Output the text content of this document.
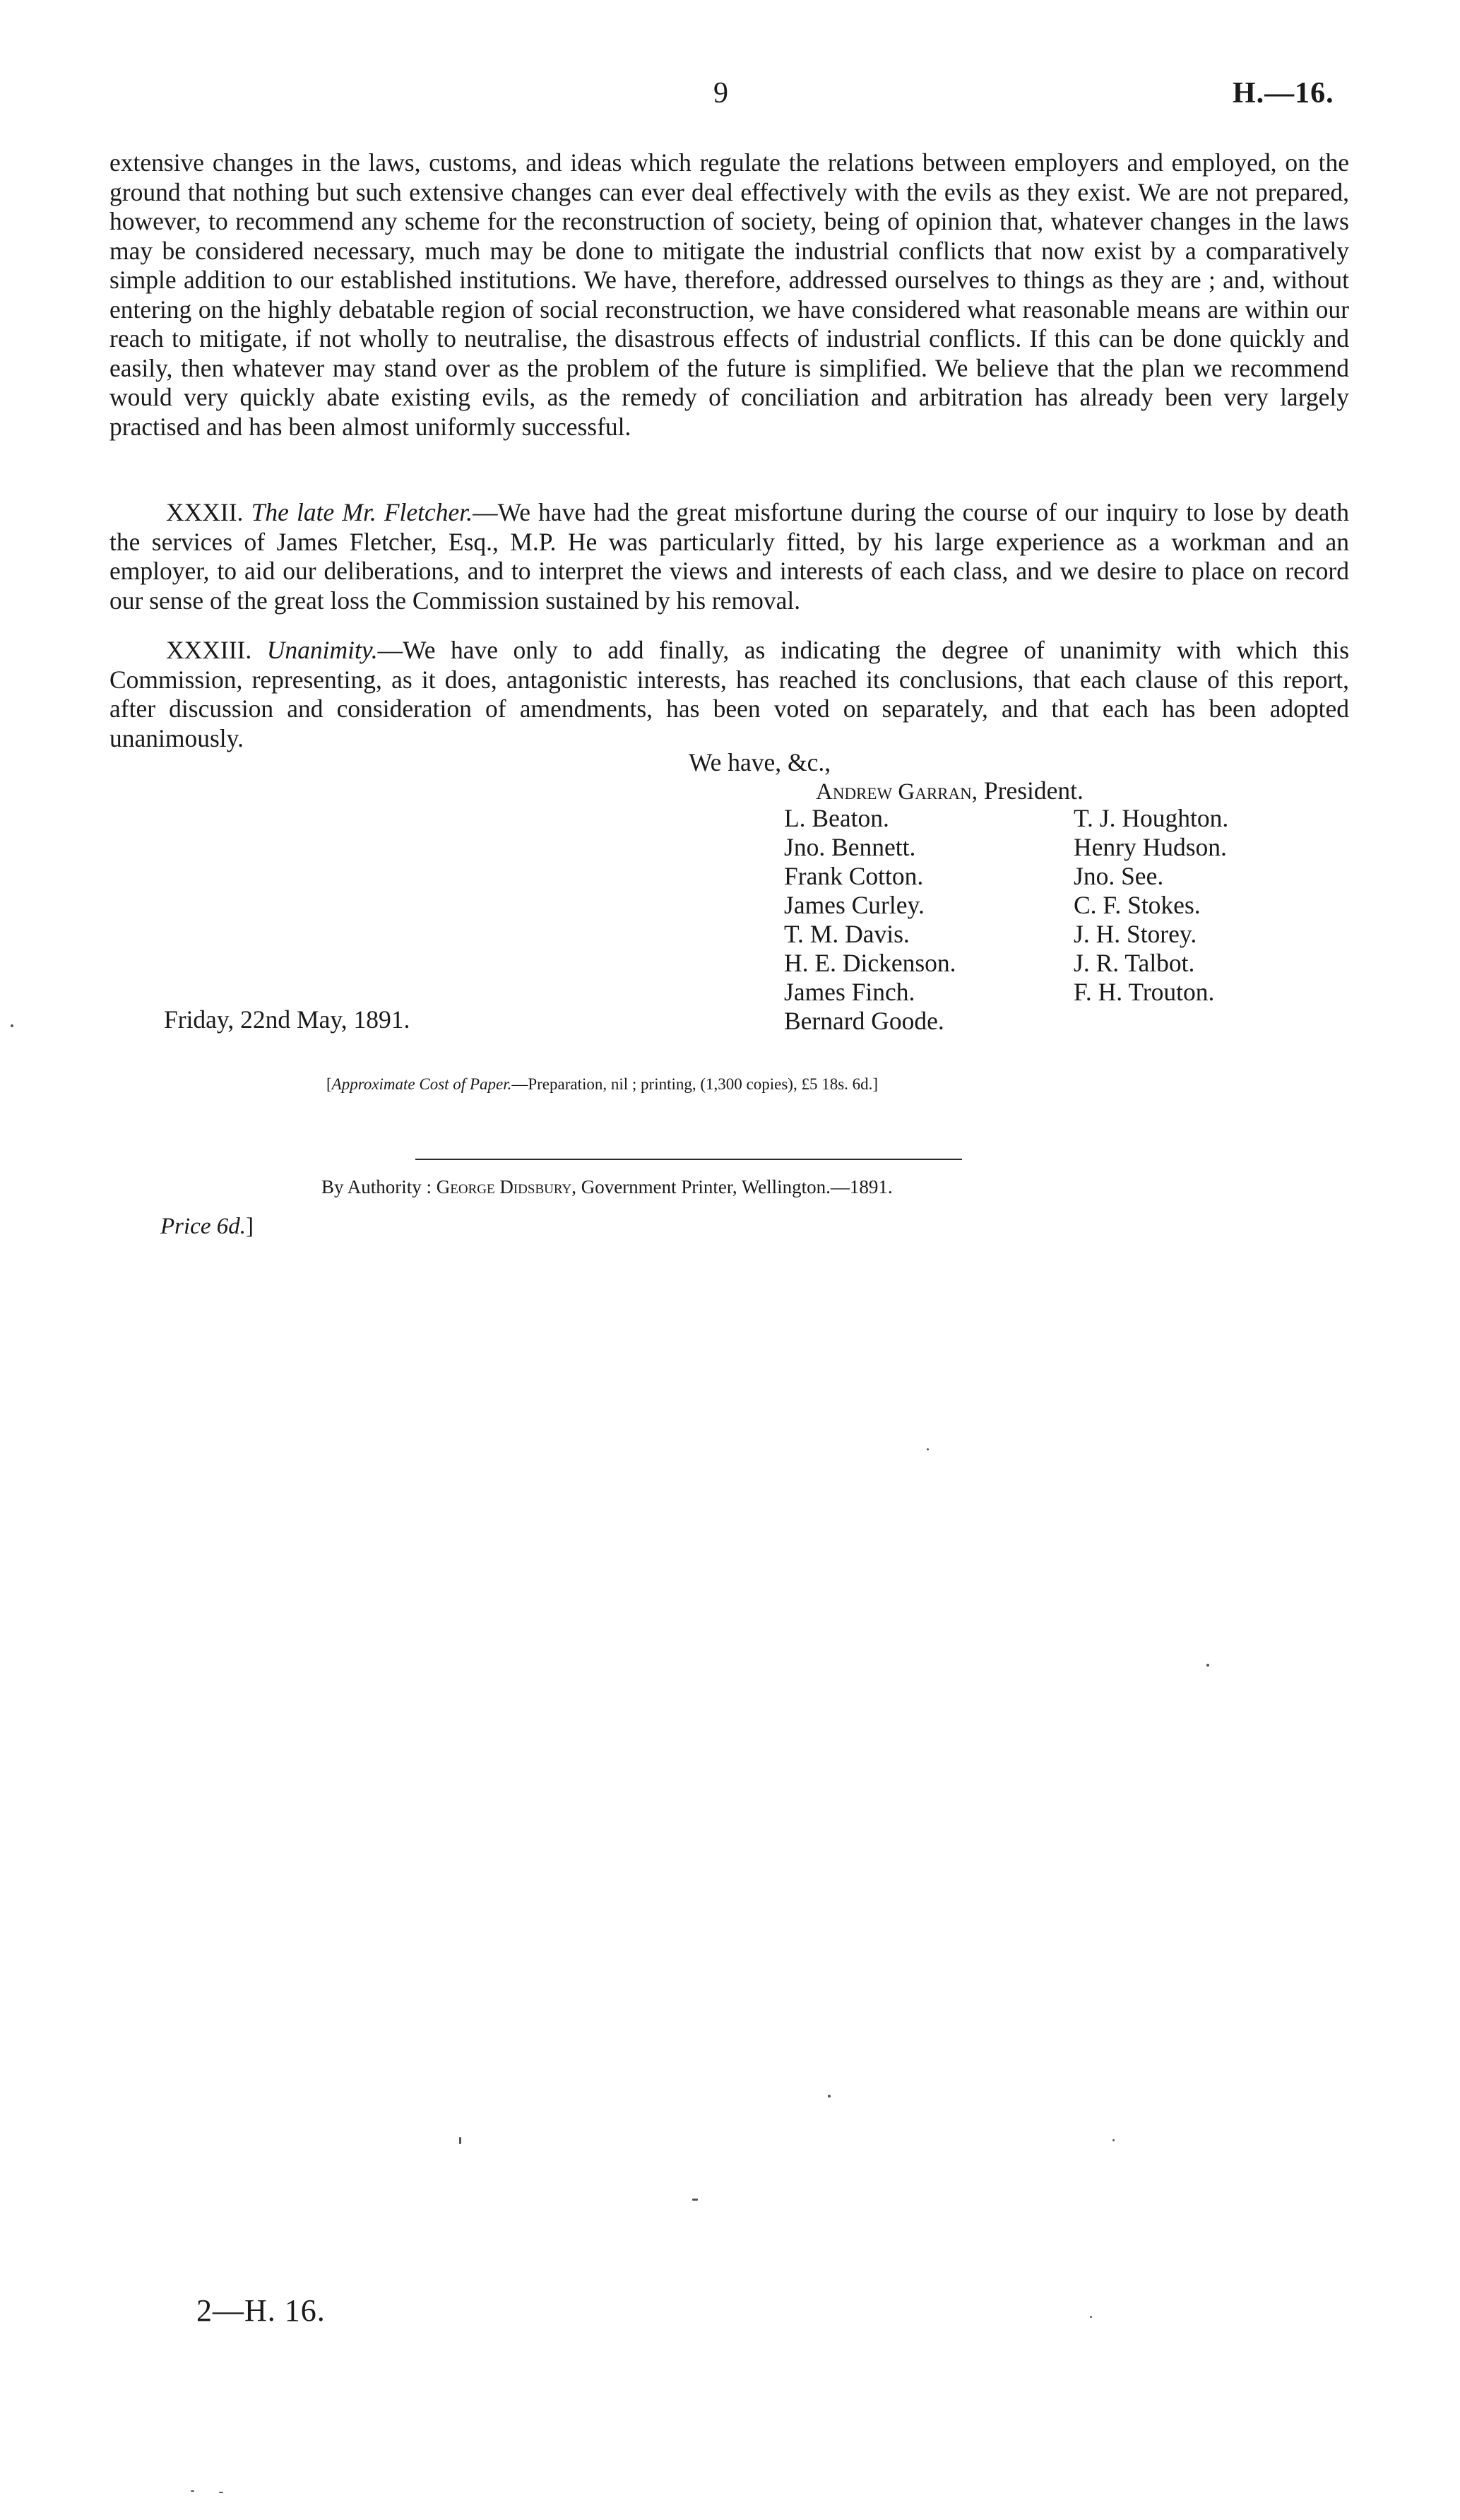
9	H.—16.

extensive changes in the laws, customs, and ideas which regulate the relations between employers and employed, on the ground that nothing but such extensive changes can ever deal effectively with the evils as they exist. We are not prepared, however, to recommend any scheme for the reconstruction of society, being of opinion that, whatever changes in the laws may be considered necessary, much may be done to mitigate the industrial conflicts that now exist by a comparatively simple addition to our established institutions. We have, therefore, addressed ourselves to things as they are ; and, without entering on the highly debatable region of social reconstruction, we have considered what reasonable means are within our reach to mitigate, if not wholly to neutralise, the disastrous effects of industrial conflicts. If this can be done quickly and easily, then whatever may stand over as the problem of the future is simplified. We believe that the plan we recommend would very quickly abate existing evils, as the remedy of conciliation and arbitration has already been very largely practised and has been almost uniformly successful.

XXXII. The late Mr. Fletcher.—We have had the great misfortune during the course of our inquiry to lose by death the services of James Fletcher, Esq., M.P. He was particularly fitted, by his large experience as a workman and an employer, to aid our deliberations, and to interpret the views and interests of each class, and we desire to place on record our sense of the great loss the Commission sustained by his removal.

XXXIII. Unanimity.—We have only to add finally, as indicating the degree of unanimity with which this Commission, representing, as it does, antagonistic interests, has reached its conclusions, that each clause of this report, after discussion and consideration of amendments, has been voted on separately, and that each has been adopted unanimously.

We have, &c.,
Andrew Garran, President.
L. Beaton.	T. J. Houghton.
Jno. Bennett.	Henry Hudson.
Frank Cotton.	Jno. See.
James Curley.	C. F. Stokes.
T. M. Davis.	J. H. Storey.
H. E. Dickenson.	J. R. Talbot.
James Finch.	F. H. Trouton.
Bernard Goode.
Friday, 22nd May, 1891.
[Approximate Cost of Paper.—Preparation, nil ; printing, (1,300 copies), £5 18s. 6d.]
By Authority : George Didsbury, Government Printer, Wellington.—1891.
Price 6d.]
2—H. 16.
